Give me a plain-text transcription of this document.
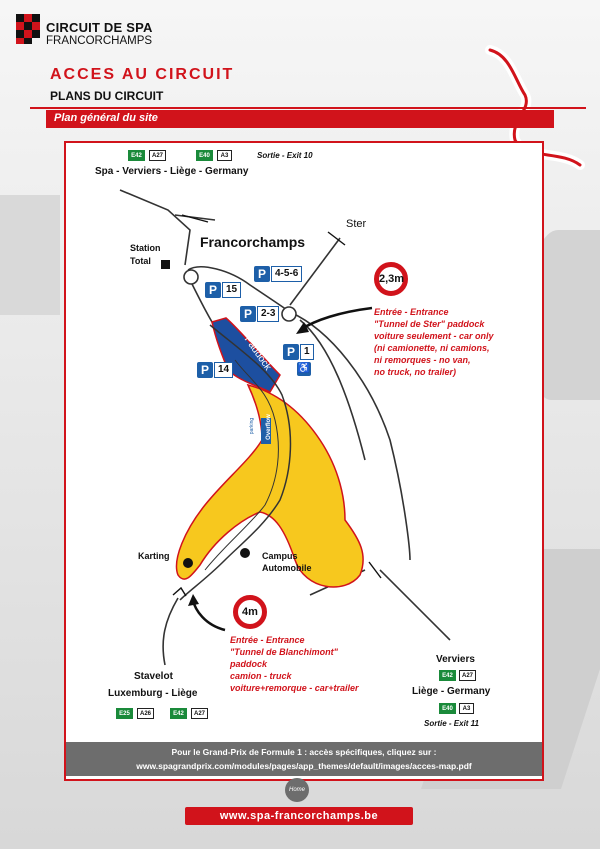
CIRCUIT DE SPA
FRANCORCHAMPS
ACCES AU CIRCUIT
PLANS DU CIRCUIT
Plan général du site
E42	A27	E40	A3	Sortie - Exit 10
Spa - Verviers - Liège - Germany
Ster
Station
Total
Francorchamps
P 4-5-6
P 15
P 2-3
P 1
♿
P 14	Paddock
Overflow
parking
2,3m
4m
Entrée - Entrance
"Tunnel de Ster" paddock
voiture seulement - car only
(ni camionette, ni camions,
ni remorques - no van,
no truck, no trailer)
Entrée - Entrance
"Tunnel de Blanchimont"
paddock
camion - truck
voiture+remorque - car+trailer
Karting	Campus
Automobile
Verviers
E42	A27
Liège - Germany
E40	A3
Sortie - Exit 11
Stavelot
Luxemburg - Liège
E25	A26	E42	A27
Pour le Grand-Prix de Formule 1 : accès spécifiques, cliquez sur :
www.spagrandprix.com/modules/pages/app_themes/default/images/acces-map.pdf
Home
www.spa-francorchamps.be
